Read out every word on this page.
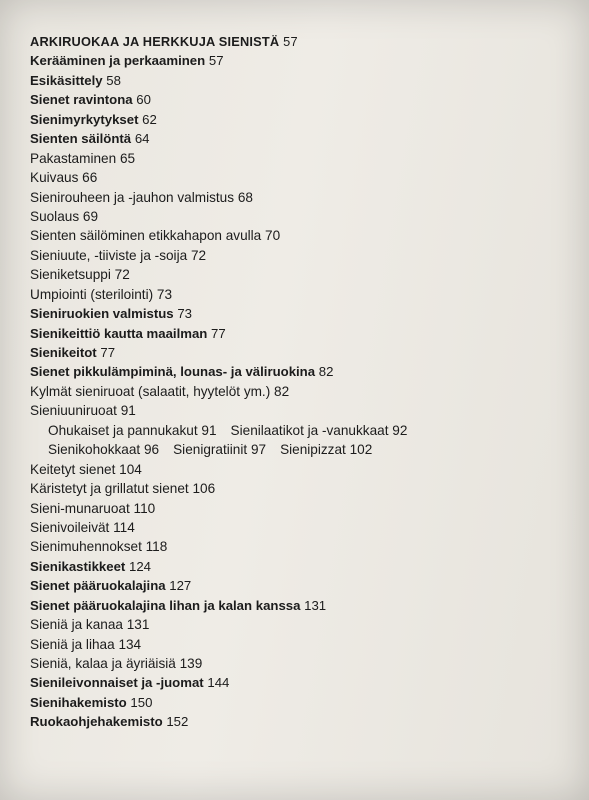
ARKIRUOKAA JA HERKKUJA SIENISTÄ 57
Kerääminen ja perkaaminen 57
Esikäsittely 58
Sienet ravintona 60
Sienimyrkytykset 62
Sienten säilöntä 64
Pakastaminen 65
Kuivaus 66
Sienirouheen ja -jauhon valmistus 68
Suolaus 69
Sienten säilöminen etikkahapon avulla 70
Sieniuute, -tiiviste ja -soija 72
Sieniketsuppi 72
Umpiointi (sterilointi) 73
Sieniruokien valmistus 73
Sienikeittiö kautta maailman 77
Sienikeitot 77
Sienet pikkulämpiminä, lounas- ja väliruokina 82
Kylmät sieniruoat (salaatit, hyytelöt ym.) 82
Sieniuuniruoat 91
Ohukaiset ja pannukakut 91 Sienilaatikot ja -vanukkaat 92
Sienikohokkaat 96 Sienigratiinit 97 Sienipizzat 102
Keitetyt sienet 104
Käristetyt ja grillatut sienet 106
Sieni-munaruoat 110
Sienivoileivät 114
Sienimuhennokset 118
Sienikastikkeet 124
Sienet pääruokalajina 127
Sienet pääruokalajina lihan ja kalan kanssa 131
Sieniä ja kanaa 131
Sieniä ja lihaa 134
Sieniä, kalaa ja äyriäisiä 139
Sienileivonnaiset ja -juomat 144
Sienihakemisto 150
Ruokaohjehakemisto 152
